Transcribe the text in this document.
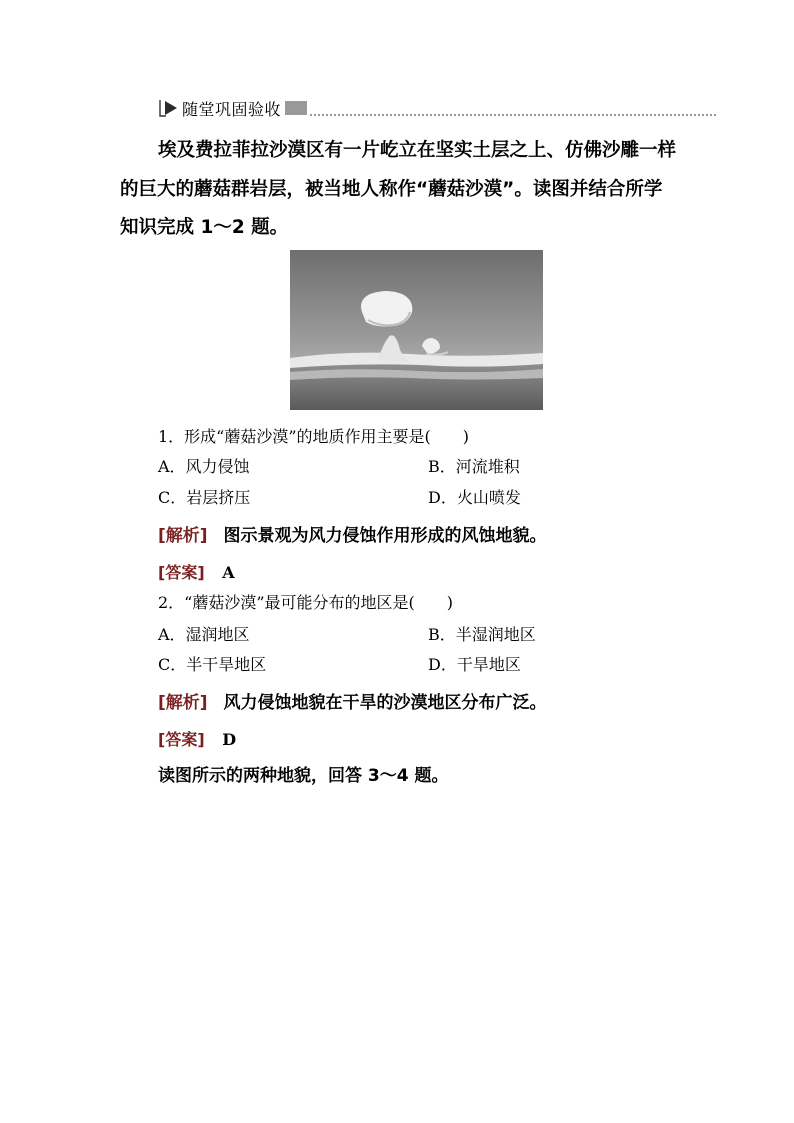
随堂巩固验收
埃及费拉菲拉沙漠区有一片屹立在坚实土层之上、仿佛沙雕一样
的巨大的蘑菇群岩层，被当地人称作“蘑菇沙漠”。读图并结合所学
知识完成 1～2 题。
1．形成“蘑菇沙漠”的地质作用主要是(　　)
A．风力侵蚀	B．河流堆积
C．岩层挤压	D．火山喷发
[解析] 图示景观为风力侵蚀作用形成的风蚀地貌。
[答案] A
2．“蘑菇沙漠”最可能分布的地区是(　　)
A．湿润地区	B．半湿润地区
C．半干旱地区	D．干旱地区
[解析] 风力侵蚀地貌在干旱的沙漠地区分布广泛。
[答案] D
读图所示的两种地貌，回答 3～4 题。
